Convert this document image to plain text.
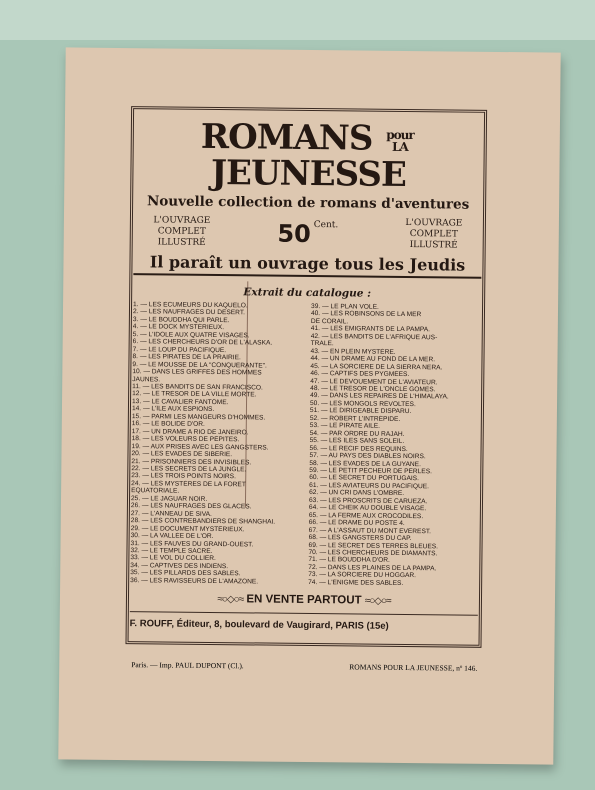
ROMANS pour
LA JEUNESSE
Nouvelle collection de romans d'aventures
L'OUVRAGE
COMPLET ILLUSTRÉ	50 Cent.	L'OUVRAGE
COMPLET ILLUSTRÉ
Il paraît un ouvrage tous les Jeudis
Extrait du catalogue :
1. — LES ÉCUMEURS DU KAQUÉLO.
2. — LES NAUFRAGÉS DU DÉSERT.
3. — LE BOUDDHA QUI PARLE.
4. — LE DOCK MYSTÉRIEUX.
5. — L'IDOLE AUX QUATRE VISAGES.
6. — LES CHERCHEURS D'OR DE L'ALASKA.
7. — LE LOUP DU PACIFIQUE.
8. — LES PIRATES DE LA PRAIRIE.
9. — LE MOUSSE DE LA "CONQUÉRANTE".
10. — DANS LES GRIFFES DES HOMMES
JAUNES.
11. — LES BANDITS DE SAN FRANCISCO.
12. — LE TRÉSOR DE LA VILLE MORTE.
13. — LE CAVALIER FANTÔME.
14. — L'ÎLE AUX ESPIONS.
15. — PARMI LES MANGEURS D'HOMMES.
16. — LE BOLIDE D'OR.
17. — UN DRAME A RIO DE JANEIRO.
18. — LES VOLEURS DE PÉPITES.
19. — AUX PRISES AVEC LES GANGSTERS.
20. — LES ÉVADÉS DE SIBÉRIE.
21. — PRISONNIERS DES INVISIBLES.
22. — LES SECRETS DE LA JUNGLE.
23. — LES TROIS POINTS NOIRS.
24. — LES MYSTÈRES DE LA FORÊT
ÉQUATORIALE.
25. — LE JAGUAR NOIR.
26. — LES NAUFRAGÉS DES GLACES.
27. — L'ANNEAU DE SIVA.
28. — LES CONTREBANDIERS DE SHANGHAI.
29. — LE DOCUMENT MYSTÉRIEUX.
30. — LA VALLÉE DE L'OR.
31. — LES FAUVES DU GRAND-OUEST.
32. — LE TEMPLE SACRÉ.
33. — LE VOL DU COLLIER.
34. — CAPTIVES DES INDIENS.
35. — LES PILLARDS DES SABLES.
36. — LES RAVISSEURS DE L'AMAZONE.
39. — LE PLAN VOLÉ.
40. — LES ROBINSONS DE LA MER
DE CORAIL.
41. — LES ÉMIGRANTS DE LA PAMPA.
42. — LES BANDITS DE L'AFRIQUE AUS-
TRALE.
43. — EN PLEIN MYSTÈRE.
44. — UN DRAME AU FOND DE LA MER.
45. — LA SORCIÈRE DE LA SIERRA NERA.
46. — CAPTIFS DES PYGMÉES.
47. — LE DÉVOUEMENT DE L'AVIATEUR.
48. — LE TRÉSOR DE L'ONCLE GOMÈS.
49. — DANS LES REPAIRES DE L'HIMALAYA.
50. — LES MONGOLS RÉVOLTÉS.
51. — LE DIRIGEABLE DISPARU.
52. — ROBERT L'INTRÉPIDE.
53. — LE PIRATE AILÉ.
54. — PAR ORDRE DU RAJAH.
55. — LES ÎLES SANS SOLEIL.
56. — LE RÉCIF DES REQUINS.
57. — AU PAYS DES DIABLES NOIRS.
58. — LES ÉVADÉS DE LA GUYANE.
59. — LE PETIT PÊCHEUR DE PERLES.
60. — LE SECRET DU PORTUGAIS.
61. — LES AVIATEURS DU PACIFIQUE.
62. — UN CRI DANS L'OMBRE.
63. — LES PROSCRITS DE CARUEZA.
64. — LE CHEIK AU DOUBLE VISAGE.
65. — LA FERME AUX CROCODILES.
66. — LE DRAME DU POSTE 4.
67. — A L'ASSAUT DU MONT EVEREST.
68. — LES GANGSTERS DU CAP.
69. — LE SECRET DES TERRES BLEUES.
70. — LES CHERCHEURS DE DIAMANTS.
71. — LE BOUDDHA D'OR.
72. — DANS LES PLAINES DE LA PAMPA.
73. — LA SORCIÈRE DU HOGGAR.
74. — L'ÉNIGME DES SABLES.
≈○◇○≈ EN VENTE PARTOUT ≈○◇○≈
F. ROUFF, Éditeur, 8, boulevard de Vaugirard, PARIS (15e)
Paris. — Imp. PAUL DUPONT (Cl.).	ROMANS POUR LA JEUNESSE, nº 146.
